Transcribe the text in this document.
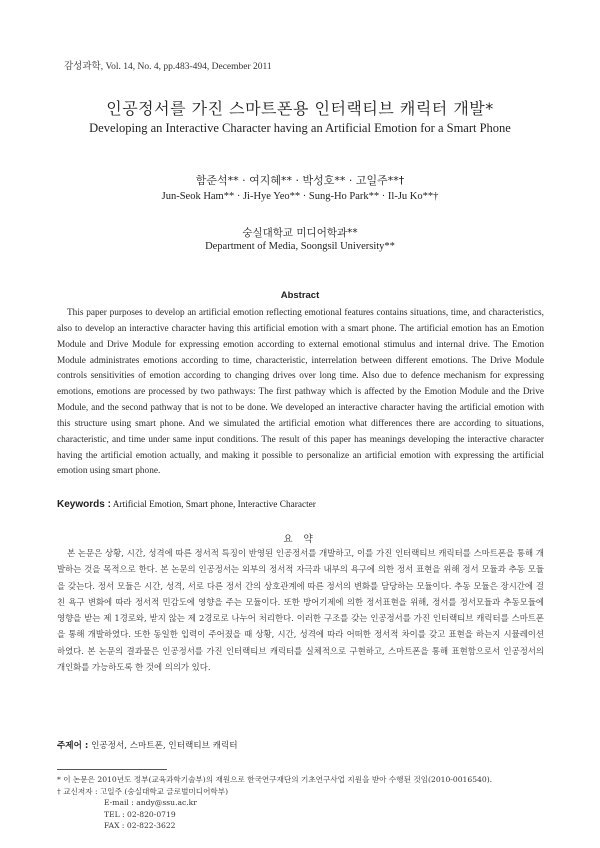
감성과학, Vol. 14, No. 4, pp.483-494, December 2011
인공정서를 가진 스마트폰용 인터랙티브 캐릭터 개발*
Developing an Interactive Character having an Artificial Emotion for a Smart Phone
함준석** · 여지혜** · 박성호** · 고일주**†
Jun-Seok Ham** · Ji-Hye Yeo** · Sung-Ho Park** · Il-Ju Ko**†
숭실대학교 미디어학과**
Department of Media, Soongsil University**
Abstract

This paper purposes to develop an artificial emotion reflecting emotional features contains situations, time, and characteristics, also to develop an interactive character having this artificial emotion with a smart phone. The artificial emotion has an Emotion Module and Drive Module for expressing emotion according to external emotional stimulus and internal drive. The Emotion Module administrates emotions according to time, characteristic, interrelation between different emotions. The Drive Module controls sensitivities of emotion according to changing drives over long time. Also due to defence mechanism for expressing emotions, emotions are processed by two pathways: The first pathway which is affected by the Emotion Module and the Drive Module, and the second pathway that is not to be done. We developed an interactive character having the artificial emotion with this structure using smart phone. And we simulated the artificial emotion what differences there are according to situations, characteristic, and time under same input conditions. The result of this paper has meanings developing the interactive character having the artificial emotion actually, and making it possible to personalize an artificial emotion with expressing the artificial emotion using smart phone.

Keywords : Artificial Emotion, Smart phone, Interactive Character
요 약

본 논문은 상황, 시간, 성격에 따른 정서적 특징이 반영된 인공정서를 개발하고, 이를 가진 인터랙티브 캐릭터를 스마트폰을 통해 개발하는 것을 목적으로 한다. 본 논문의 인공정서는 외부의 정서적 자극과 내부의 욕구에 의한 정서 표현을 위해 정서 모듈과 추동 모듈을 갖는다. 정서 모듈은 시간, 성격, 서로 다른 정서 간의 상호관계에 따른 정서의 변화를 담당하는 모듈이다. 추동 모듈은 장시간에 걸친 욕구 변화에 따라 정서적 민감도에 영향을 주는 모듈이다. 또한 방어기제에 의한 정서표현을 위해, 정서를 정서모듈과 추동모듈에 영향을 받는 제 1경로와, 받지 않는 제 2경로로 나누어 처리한다. 이러한 구조를 갖는 인공정서를 가진 인터랙티브 캐릭터를 스마트폰을 통해 개발하였다. 또한 동일한 입력이 주어졌을 때 상황, 시간, 성격에 따라 어떠한 정서적 차이를 갖고 표현을 하는지 시뮬레이션 하였다. 본 논문의 결과물은 인공정서를 가진 인터랙티브 캐릭터를 실체적으로 구현하고, 스마트폰을 통해 표현함으로서 인공정서의 개인화를 가능하도록 한 것에 의의가 있다.

주제어 : 인공정서, 스마트폰, 인터랙티브 캐릭터
* 이 논문은 2010년도 정부(교육과학기술부)의 재원으로 한국연구재단의 기초연구사업 지원을 받아 수행된 것임(2010-0016540).
† 교신저자 : 고일주 (숭실대학교 글로벌미디어학부)
E-mail : andy@ssu.ac.kr
TEL : 02-820-0719
FAX : 02-822-3622
